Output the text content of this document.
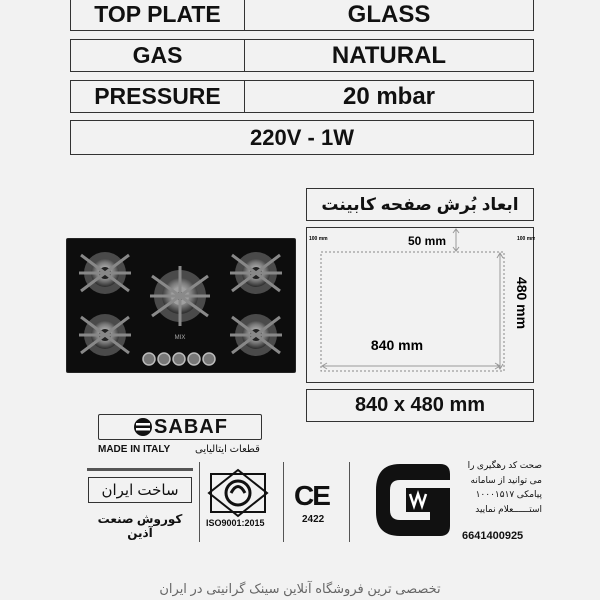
TOP PLATE	GLASS
GAS	NATURAL
PRESSURE	20 mbar
220V - 1W
MIX
ابعاد بُرش صفحه کابینت
100 mm	100 mm
50 mm
480 mm
840 mm
840 x 480 mm
SABAF
MADE IN ITALY قطعات ایتالیایی
ساخت ایران
کوروش صنعت آذین
ISO9001:2015
CE
2422
صحت کد رهگیری را
می توانید از سامانه
پیامکی ۱۰۰۰۱۵۱۷
استــــــعلام نمایید
6641400925
تخصصی ترین فروشگاه آنلاین سینک گرانیتی در ایران
